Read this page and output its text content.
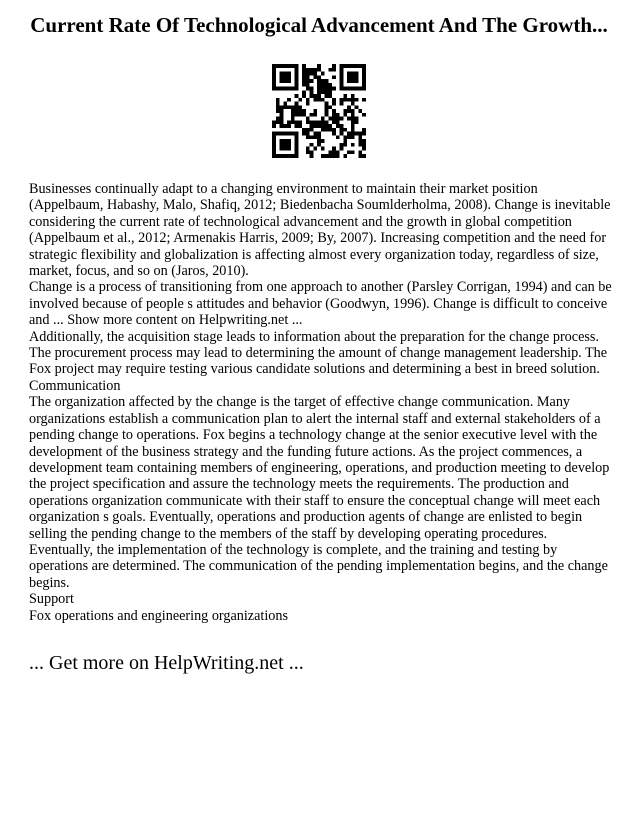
Current Rate Of Technological Advancement And The Growth...

Businesses continually adapt to a changing environment to maintain their market position (Appelbaum, Habashy, Malo, Shafiq, 2012; Biedenbacha Soumlderholma, 2008). Change is inevitable considering the current rate of technological advancement and the growth in global competition (Appelbaum et al., 2012; Armenakis Harris, 2009; By, 2007). Increasing competition and the need for strategic flexibility and globalization is affecting almost every organization today, regardless of size, market, focus, and so on (Jaros, 2010).

Change is a process of transitioning from one approach to another (Parsley Corrigan, 1994) and can be involved because of people s attitudes and behavior (Goodwyn, 1996). Change is difficult to conceive and ... Show more content on Helpwriting.net ...

Additionally, the acquisition stage leads to information about the preparation for the change process. The procurement process may lead to determining the amount of change management leadership. The Fox project may require testing various candidate solutions and determining a best in breed solution.

Communication

The organization affected by the change is the target of effective change communication. Many organizations establish a communication plan to alert the internal staff and external stakeholders of a pending change to operations. Fox begins a technology change at the senior executive level with the development of the business strategy and the funding future actions. As the project commences, a development team containing members of engineering, operations, and production meeting to develop the project specification and assure the technology meets the requirements. The production and operations organization communicate with their staff to ensure the conceptual change will meet each organization s goals. Eventually, operations and production agents of change are enlisted to begin selling the pending change to the members of the staff by developing operating procedures.

Eventually, the implementation of the technology is complete, and the training and testing by operations are determined. The communication of the pending implementation begins, and the change begins.

Support

Fox operations and engineering organizations

... Get more on HelpWriting.net ...
